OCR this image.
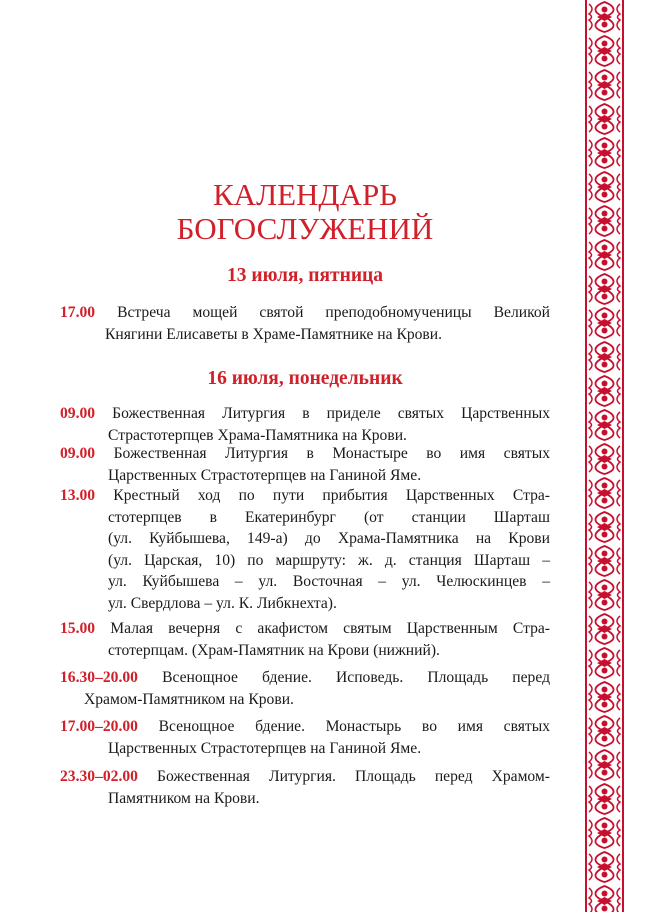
КАЛЕНДАРЬ
БОГОСЛУЖЕНИЙ
13 июля, пятница
17.00 Встреча мощей святой преподобномученицы Великой
Княгини Елисаветы в Храме-Памятнике на Крови.
16 июля, понедельник
09.00 Божественная Литургия в приделе святых Царственных
Страстотерпцев Храма-Памятника на Крови.
09.00 Божественная Литургия в Монастыре во имя святых
Царственных Страстотерпцев на Ганиной Яме.
13.00 Крестный ход по пути прибытия Царственных Стра-
стотерпцев в Екатеринбург (от станции Шарташ
(ул. Куйбышева, 149-а) до Храма-Памятника на Крови
(ул. Царская, 10) по маршруту: ж. д. станция Шарташ –
ул. Куйбышева – ул. Восточная – ул. Челюскинцев –
ул. Свердлова – ул. К. Либкнехта).
15.00 Малая вечерня с акафистом святым Царственным Стра-
стотерпцам. (Храм-Памятник на Крови (нижний).
16.30–20.00 Всенощное бдение. Исповедь. Площадь перед
Храмом-Памятником на Крови.
17.00–20.00 Всенощное бдение. Монастырь во имя святых
Царственных Страстотерпцев на Ганиной Яме.
23.30–02.00 Божественная Литургия. Площадь перед Храмом-
Памятником на Крови.
